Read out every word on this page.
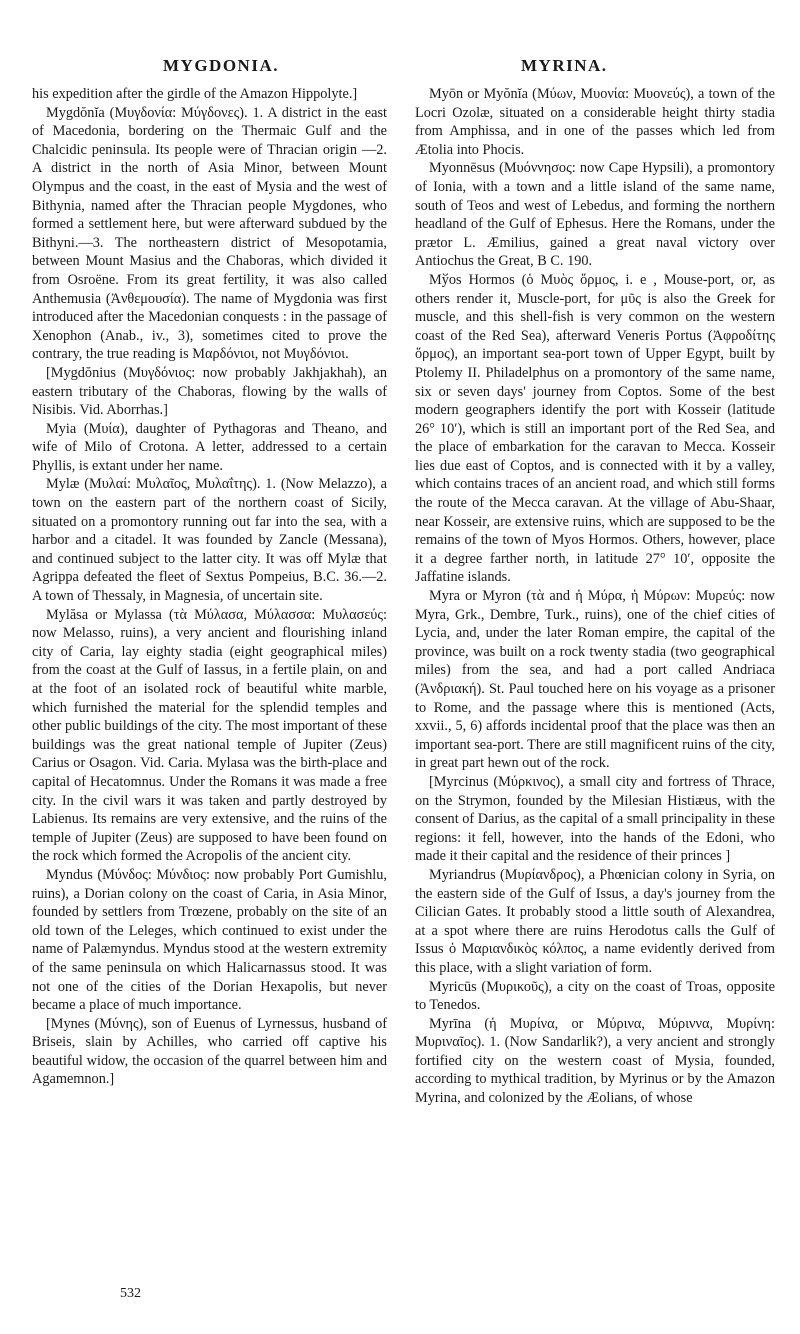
MYGDONIA.	MYRINA.

his expedition after the girdle of the Amazon Hippolyte.]

Mygdŏnĭa (Μυγδονία: Μύγδονες). 1. A district in the east of Macedonia, bordering on the Thermaic Gulf and the Chalcidic peninsula. Its people were of Thracian origin —2. A district in the north of Asia Minor, between Mount Olympus and the coast, in the east of Mysia and the west of Bithynia, named after the Thracian people Mygdones, who formed a settlement here, but were afterward subdued by the Bithyni.—3. The northeastern district of Mesopotamia, between Mount Masius and the Chaboras, which divided it from Osroëne. From its great fertility, it was also called Anthemusia (Ἀνθεμουσία). The name of Mygdonia was first introduced after the Macedonian conquests : in the passage of Xenophon (Anab., iv., 3), sometimes cited to prove the contrary, the true reading is Μαρδόνιοι, not Μυγδόνιοι.

[Mygdŏnius (Μυγδόνιος: now probably Jakhjakhah), an eastern tributary of the Chaboras, flowing by the walls of Nisibis. Vid. Aborrhas.]

Myia (Μυία), daughter of Pythagoras and Theano, and wife of Milo of Crotona. A letter, addressed to a certain Phyllis, is extant under her name.

Mylæ (Μυλαί: Μυλαῖος, Μυλαΐτης). 1. (Now Melazzo), a town on the eastern part of the northern coast of Sicily, situated on a promontory running out far into the sea, with a harbor and a citadel. It was founded by Zancle (Messana), and continued subject to the latter city. It was off Mylæ that Agrippa defeated the fleet of Sextus Pompeius, B.C. 36.—2. A town of Thessaly, in Magnesia, of uncertain site.

Mylăsa or Mylassa (τὰ Μύλασα, Μύλασσα: Μυλασεύς: now Melasso, ruins), a very ancient and flourishing inland city of Caria, lay eighty stadia (eight geographical miles) from the coast at the Gulf of Iassus, in a fertile plain, on and at the foot of an isolated rock of beautiful white marble, which furnished the material for the splendid temples and other public buildings of the city. The most important of these buildings was the great national temple of Jupiter (Zeus) Carius or Osagon. Vid. Caria. Mylasa was the birth-place and capital of Hecatomnus. Under the Romans it was made a free city. In the civil wars it was taken and partly destroyed by Labienus. Its remains are very extensive, and the ruins of the temple of Jupiter (Zeus) are supposed to have been found on the rock which formed the Acropolis of the ancient city.

Myndus (Μύνδος: Μύνδιος: now probably Port Gumishlu, ruins), a Dorian colony on the coast of Caria, in Asia Minor, founded by settlers from Trœzene, probably on the site of an old town of the Leleges, which continued to exist under the name of Palæmyndus. Myndus stood at the western extremity of the same peninsula on which Halicarnassus stood. It was not one of the cities of the Dorian Hexapolis, but never became a place of much importance.

[Mynes (Μύνης), son of Euenus of Lyrnessus, husband of Briseis, slain by Achilles, who carried off captive his beautiful widow, the occasion of the quarrel between him and Agamemnon.]

Myōn or Myŏnĭa (Μύων, Μυονία: Μυονεύς), a town of the Locri Ozolæ, situated on a considerable height thirty stadia from Amphissa, and in one of the passes which led from Ætolia into Phocis.

Myonnēsus (Μυόννησος: now Cape Hypsili), a promontory of Ionia, with a town and a little island of the same name, south of Teos and west of Lebedus, and forming the northern headland of the Gulf of Ephesus. Here the Romans, under the prætor L. Æmilius, gained a great naval victory over Antiochus the Great, B C. 190.

Mўos Hormos (ὁ Μυὸς ὅρμος, i. e , Mouse-port, or, as others render it, Muscle-port, for μῦς is also the Greek for muscle, and this shell-fish is very common on the western coast of the Red Sea), afterward Veneris Portus (Ἀφροδίτης ὅρμος), an important sea-port town of Upper Egypt, built by Ptolemy II. Philadelphus on a promontory of the same name, six or seven days' journey from Coptos. Some of the best modern geographers identify the port with Kosseir (latitude 26° 10′), which is still an important port of the Red Sea, and the place of embarkation for the caravan to Mecca. Kosseir lies due east of Coptos, and is connected with it by a valley, which contains traces of an ancient road, and which still forms the route of the Mecca caravan. At the village of Abu-Shaar, near Kosseir, are extensive ruins, which are supposed to be the remains of the town of Myos Hormos. Others, however, place it a degree farther north, in latitude 27° 10′, opposite the Jaffatine islands.

Myra or Myron (τὰ and ἡ Μύρα, ἡ Μύρων: Μυρεύς: now Myra, Grk., Dembre, Turk., ruins), one of the chief cities of Lycia, and, under the later Roman empire, the capital of the province, was built on a rock twenty stadia (two geographical miles) from the sea, and had a port called Andriaca (Ἀνδριακή). St. Paul touched here on his voyage as a prisoner to Rome, and the passage where this is mentioned (Acts, xxvii., 5, 6) affords incidental proof that the place was then an important sea-port. There are still magnificent ruins of the city, in great part hewn out of the rock.

[Myrcinus (Μύρκινος), a small city and fortress of Thrace, on the Strymon, founded by the Milesian Histiæus, with the consent of Darius, as the capital of a small principality in these regions: it fell, however, into the hands of the Edoni, who made it their capital and the residence of their princes ]

Myriandrus (Μυρίανδρος), a Phœnician colony in Syria, on the eastern side of the Gulf of Issus, a day's journey from the Cilician Gates. It probably stood a little south of Alexandrea, at a spot where there are ruins Herodotus calls the Gulf of Issus ὁ Μαριανδικὸς κόλπος, a name evidently derived from this place, with a slight variation of form.

Myricūs (Μυρικοῦς), a city on the coast of Troas, opposite to Tenedos.

Myrīna (ἡ Μυρίνα, or Μύρινα, Μύριννα, Μυρίνη: Μυριναῖος). 1. (Now Sandarlik?), a very ancient and strongly fortified city on the western coast of Mysia, founded, according to mythical tradition, by Myrinus or by the Amazon Myrina, and colonized by the Æolians, of whose

532
